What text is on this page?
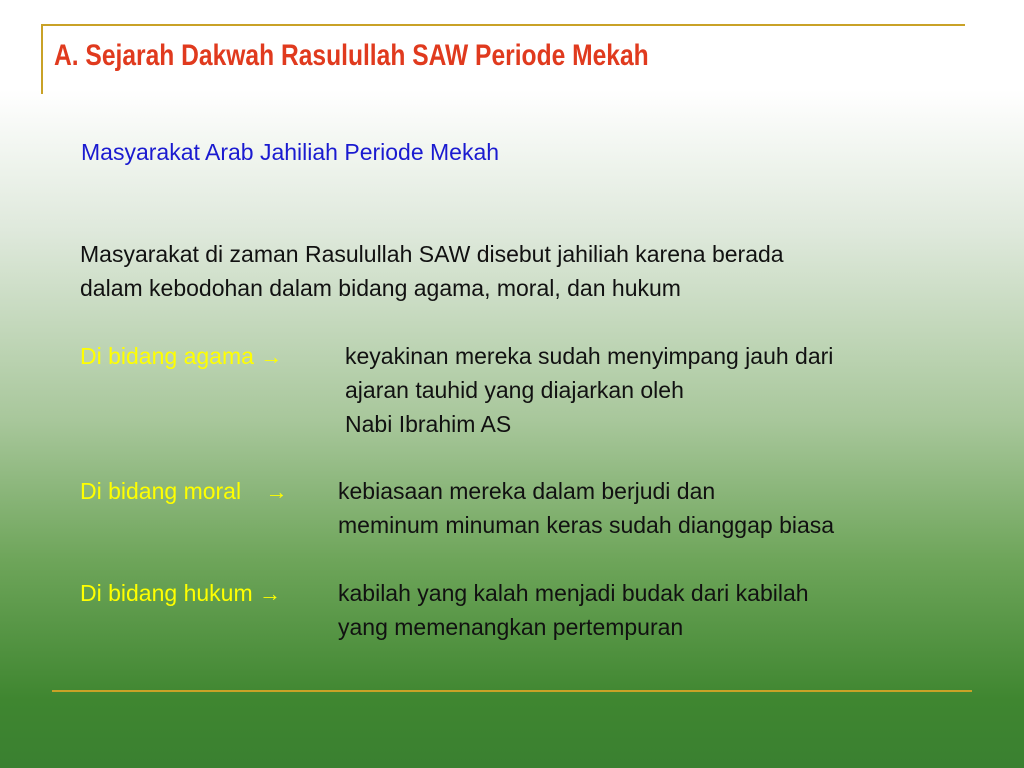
A. Sejarah Dakwah Rasulullah SAW Periode Mekah
Masyarakat Arab Jahiliah Periode Mekah
Masyarakat di zaman Rasulullah SAW disebut jahiliah karena berada
dalam kebodohan dalam bidang agama, moral, dan hukum
Di bidang agama →	keyakinan mereka sudah menyimpang jauh dari
ajaran tauhid yang diajarkan oleh
Nabi Ibrahim AS
Di bidang moral → kebiasaan mereka dalam berjudi dan
meminum minuman keras sudah dianggap biasa
Di bidang hukum → kabilah yang kalah menjadi budak dari kabilah
yang memenangkan pertempuran
